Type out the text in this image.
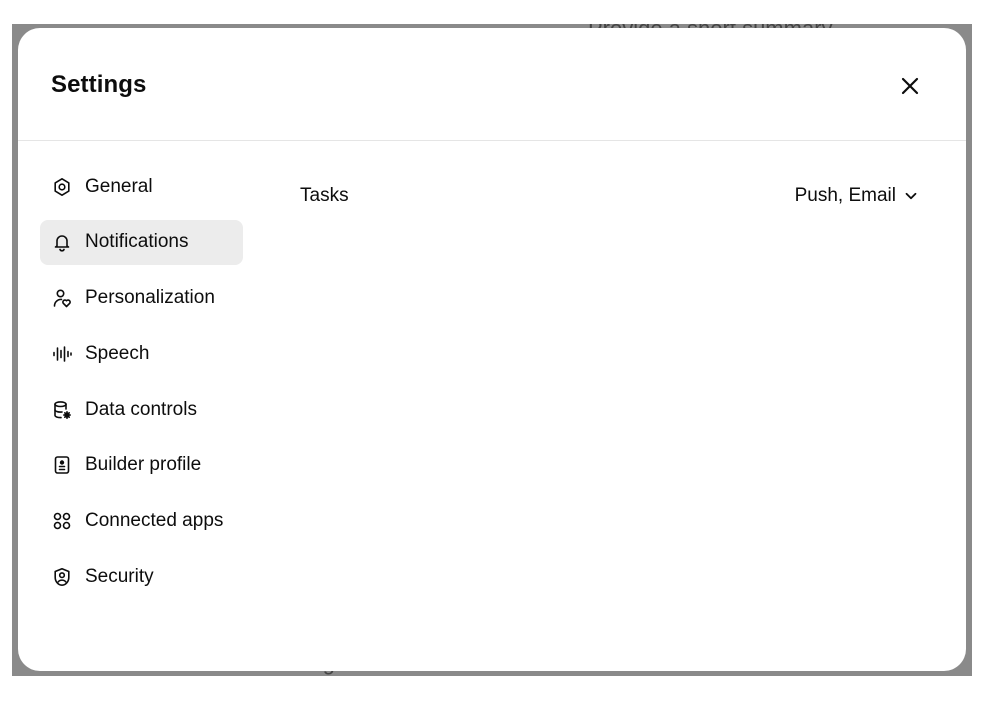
Settings
General
Notifications
Personalization
Speech
Data controls
Builder profile
Connected apps
Security
Tasks	Push, Email
